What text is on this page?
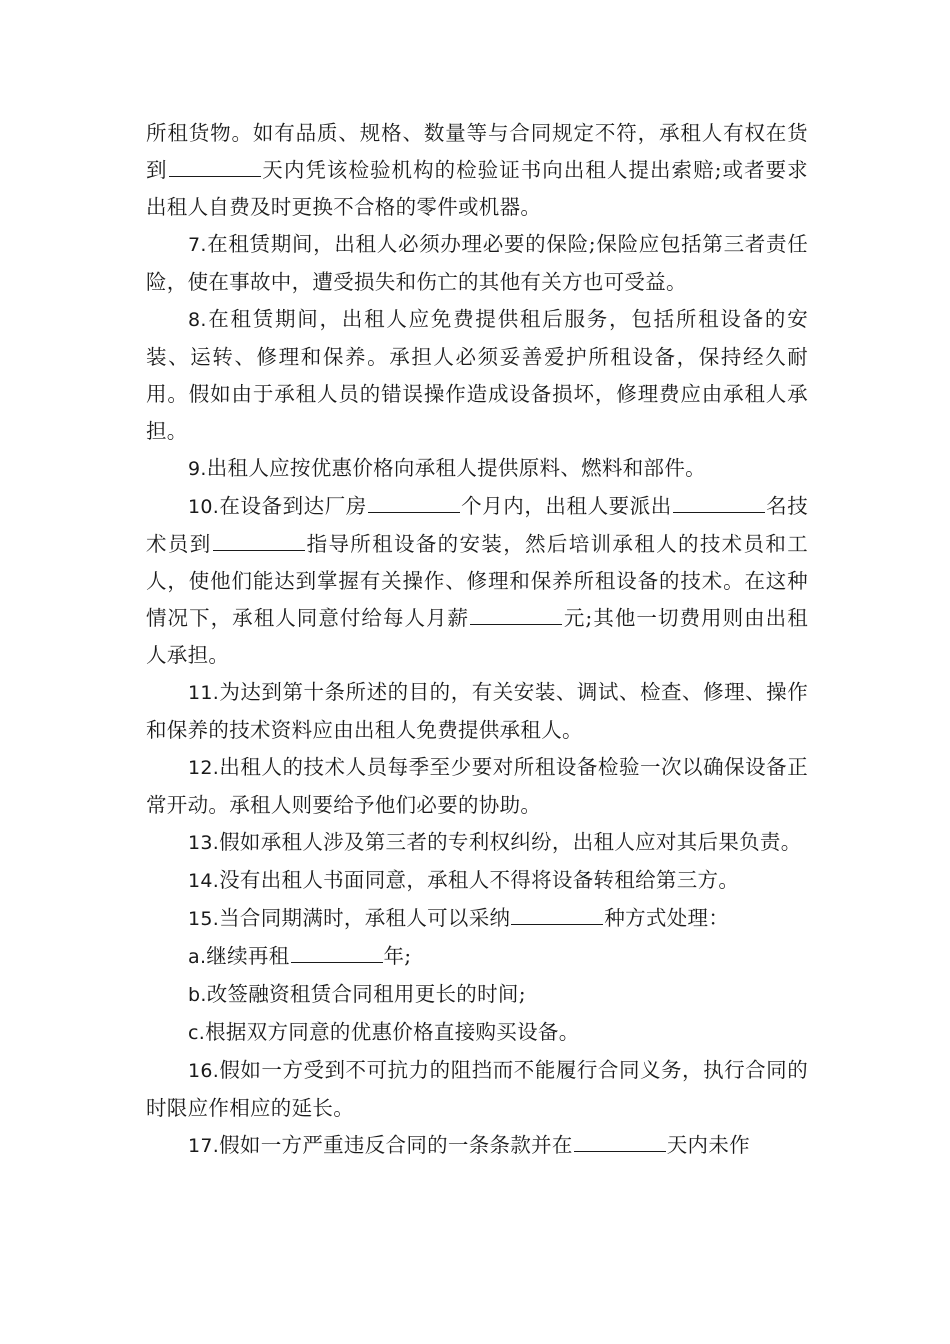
所租货物。如有品质、规格、数量等与合同规定不符，承租人有权在货到	天内凭该检验机构的检验证书向出租人提出索赔;或者要求出租人自费及时更换不合格的零件或机器。

7.在租赁期间，出租人必须办理必要的保险;保险应包括第三者责任险，使在事故中，遭受损失和伤亡的其他有关方也可受益。

8.在租赁期间，出租人应免费提供租后服务，包括所租设备的安装、运转、修理和保养。承担人必须妥善爱护所租设备，保持经久耐用。假如由于承租人员的错误操作造成设备损坏，修理费应由承租人承担。

9.出租人应按优惠价格向承租人提供原料、燃料和部件。

10.在设备到达厂房	个月内，出租人要派出	名技术员到	指导所租设备的安装，然后培训承租人的技术员和工人，使他们能达到掌握有关操作、修理和保养所租设备的技术。在这种情况下，承租人同意付给每人月薪	元;其他一切费用则由出租人承担。

11.为达到第十条所述的目的，有关安装、调试、检查、修理、操作和保养的技术资料应由出租人免费提供承租人。

12.出租人的技术人员每季至少要对所租设备检验一次以确保设备正常开动。承租人则要给予他们必要的协助。

13.假如承租人涉及第三者的专利权纠纷，出租人应对其后果负责。

14.没有出租人书面同意，承租人不得将设备转租给第三方。

15.当合同期满时，承租人可以采纳	种方式处理：

a.继续再租	年;

b.改签融资租赁合同租用更长的时间;

c.根据双方同意的优惠价格直接购买设备。

16.假如一方受到不可抗力的阻挡而不能履行合同义务，执行合同的时限应作相应的延长。

17.假如一方严重违反合同的一条条款并在	天内未作
